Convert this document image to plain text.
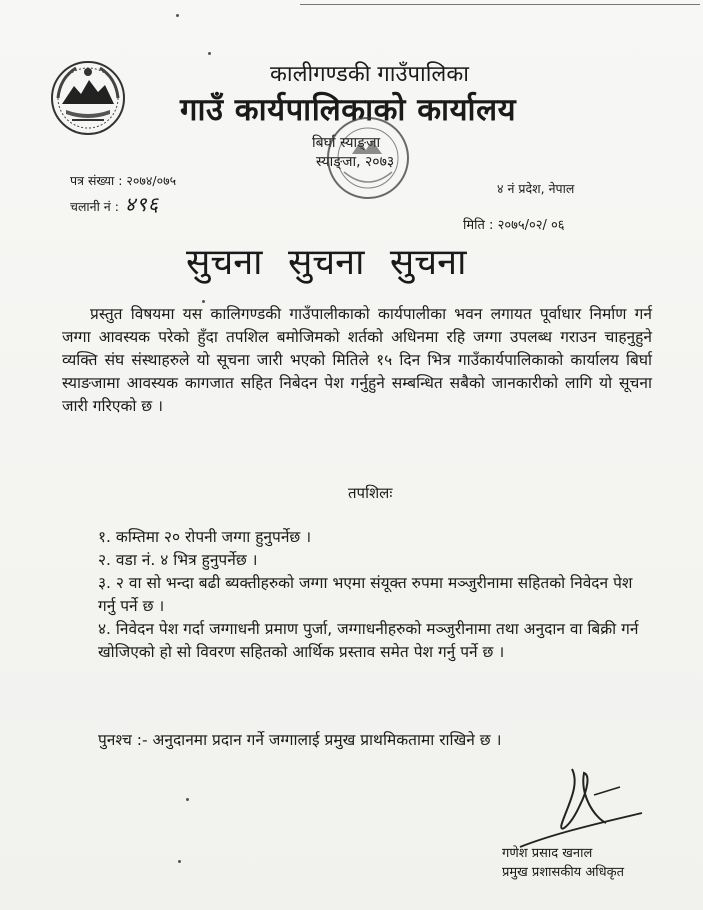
कालीगण्डकी गाउँपालिका
गाउँ कार्यपालिकाको कार्यालय
बिर्घा स्याङ्जा
स्याङ्जा, २०७३
पत्र संख्या : २०७४/०७५
चलानी नं : ४९६
४ नं प्रदेश, नेपाल
मिति : २०७५/०२/ ०६
सुचना सुचना सुचना
प्रस्तुत विषयमा यस कालिगण्डकी गाउँपालीकाको कार्यपालीका भवन लगायत पूर्वाधार निर्माण गर्न जग्गा आवस्यक परेको हुँदा तपशिल बमोजिमको शर्तको अधिनमा रहि जग्गा उपलब्ध गराउन चाहनुहुने व्यक्ति संघ संस्थाहरुले यो सूचना जारी भएको मितिले १५ दिन भित्र गाउँकार्यपालिकाको कार्यालय बिर्घा स्याङजामा आवस्यक कागजात सहित निबेदन पेश गर्नुहुने सम्बन्धित सबैको जानकारीको लागि यो सूचना जारी गरिएको छ ।
तपशिलः

१. कम्तिमा २० रोपनी जग्गा हुनुपर्नेछ ।

२. वडा नं. ४ भित्र हुनुपर्नेछ ।

३. २ वा सो भन्दा बढी ब्यक्तीहरुको जग्गा भएमा संयूक्त रुपमा मञ्जुरीनामा सहितको निवेदन पेश गर्नु पर्ने छ ।

४. निवेदन पेश गर्दा जग्गाधनी प्रमाण पुर्जा, जग्गाधनीहरुको मञ्जुरीनामा तथा अनुदान वा बिक्री गर्न खोजिएको हो सो विवरण सहितको आर्थिक प्रस्ताव समेत पेश गर्नु पर्ने छ ।

पुनश्च :- अनुदानमा प्रदान गर्ने जग्गालाई प्रमुख प्राथमिकतामा राखिने छ ।
गणेश प्रसाद खनाल
प्रमुख प्रशासकीय अधिकृत
